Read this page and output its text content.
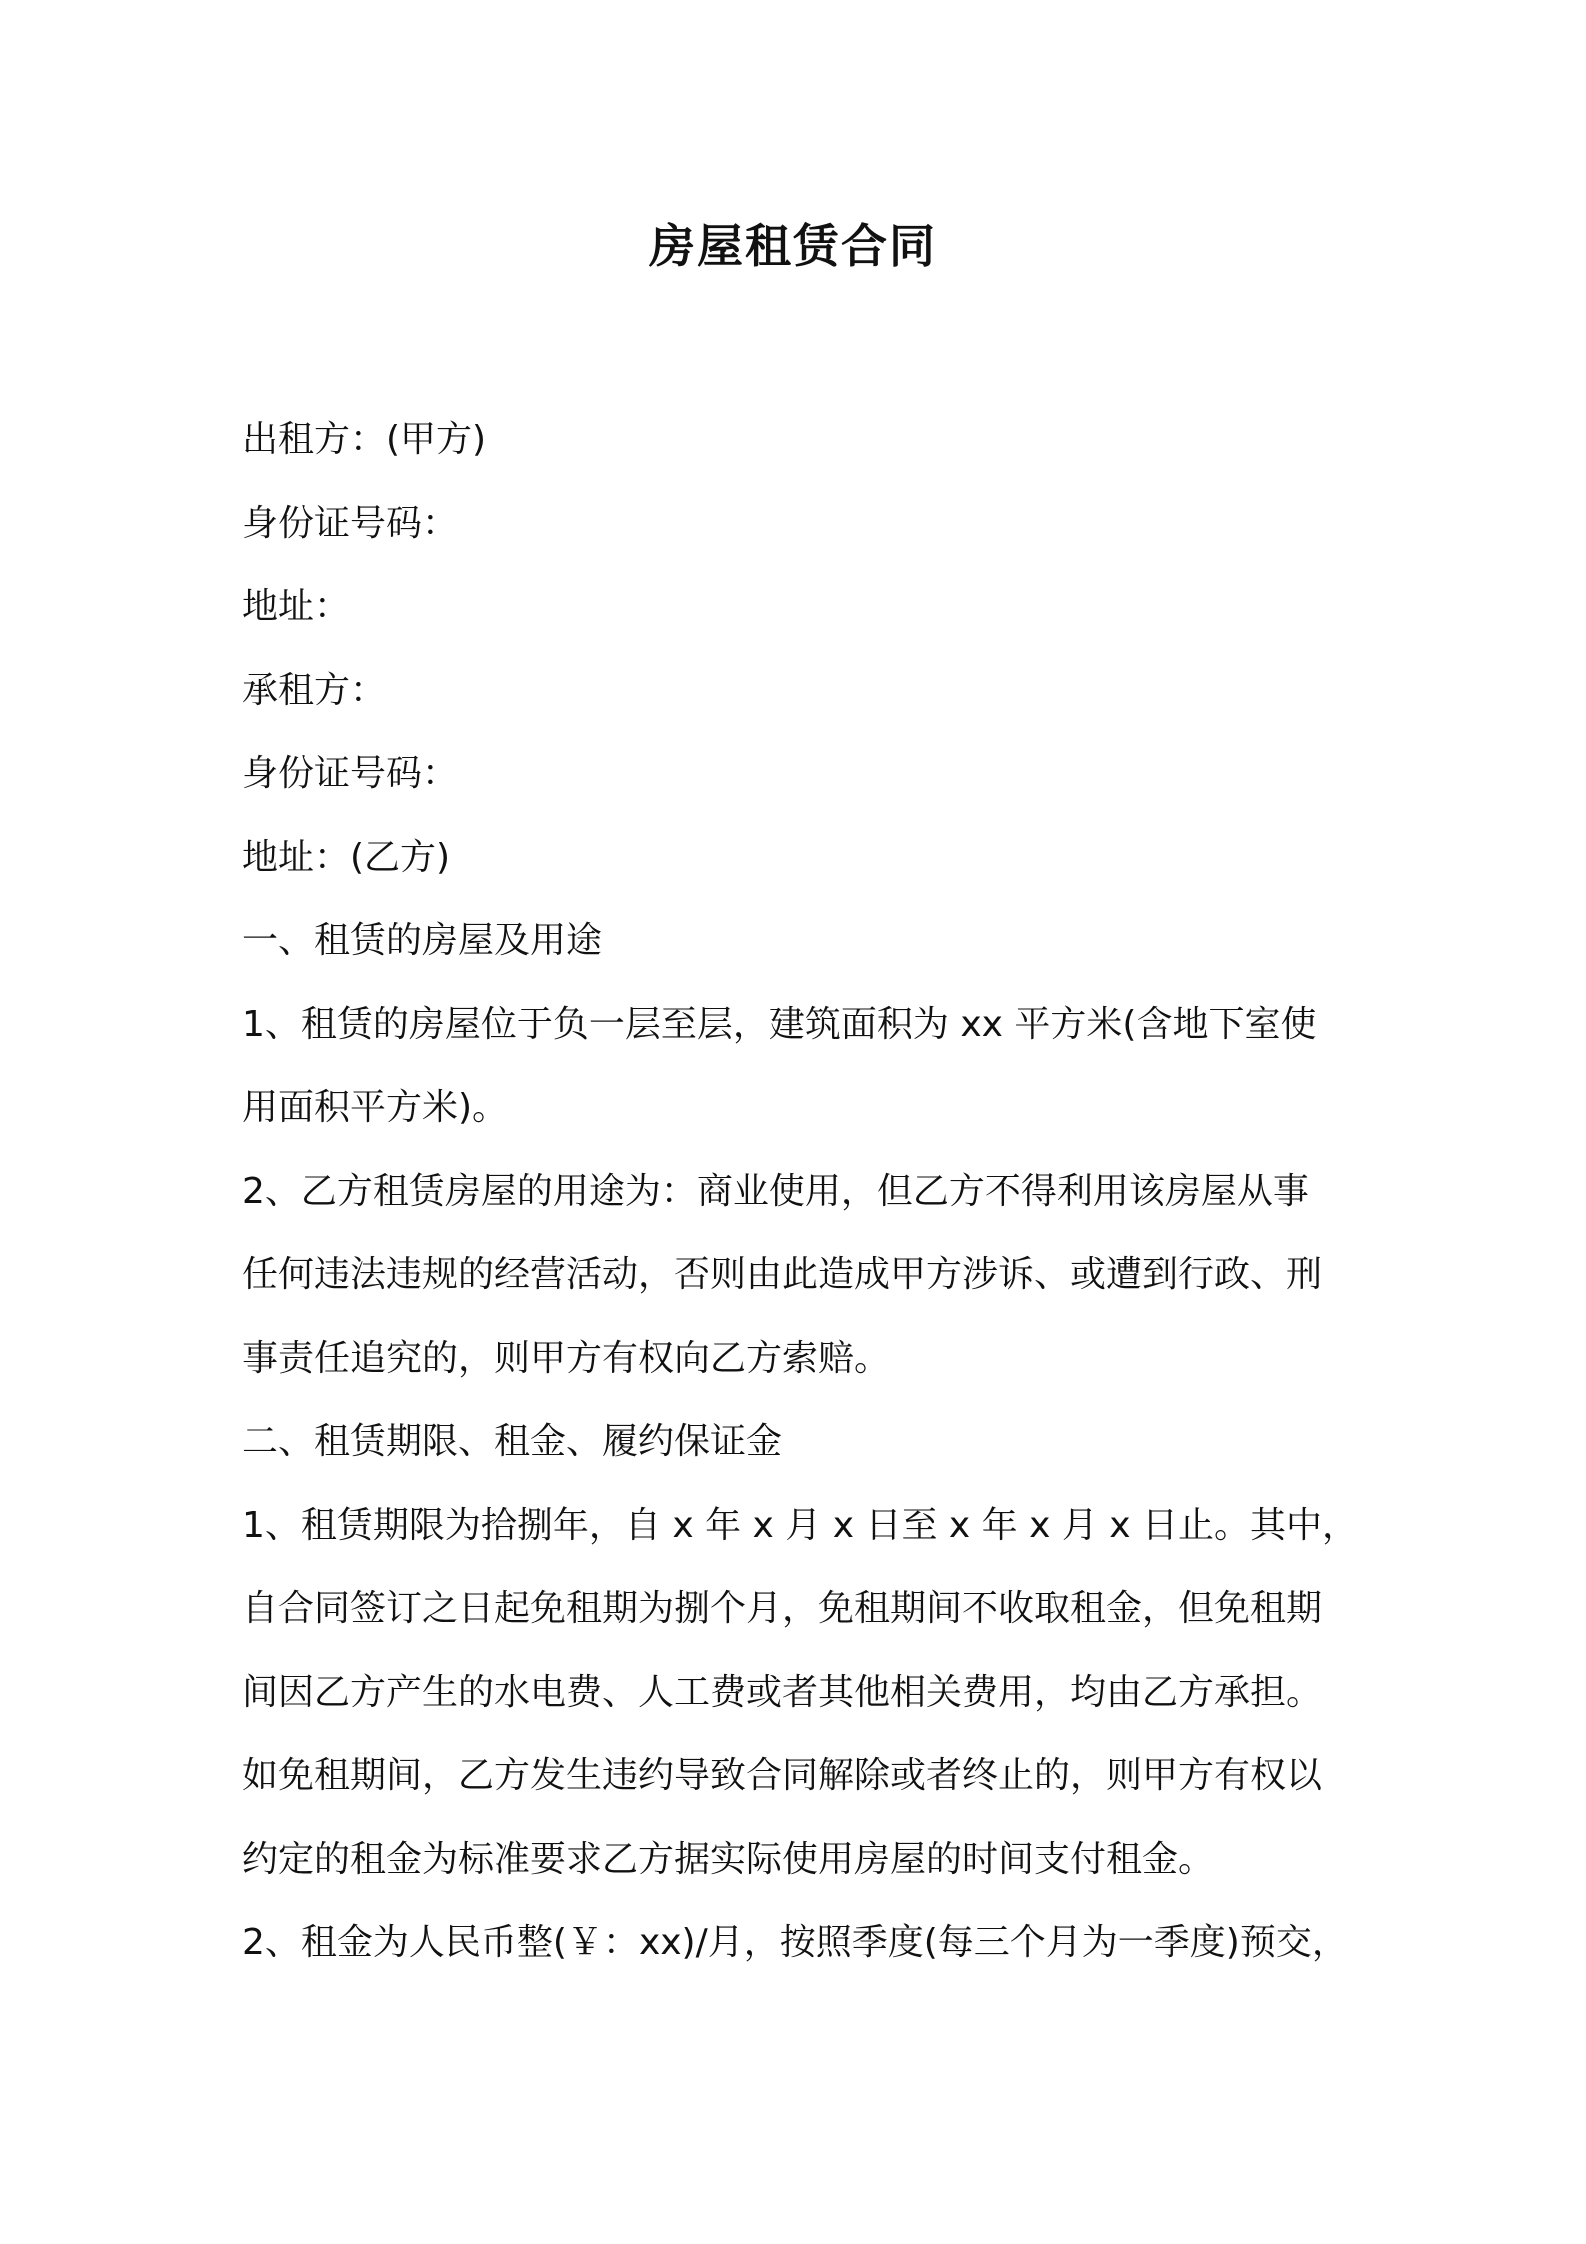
房屋租赁合同

出租方：(甲方)

身份证号码：

地址：

承租方：

身份证号码：

地址：(乙方)

一、租赁的房屋及用途

1、租赁的房屋位于负一层至层，建筑面积为 xx 平方米(含地下室使

用面积平方米)。

2、乙方租赁房屋的用途为：商业使用，但乙方不得利用该房屋从事

任何违法违规的经营活动，否则由此造成甲方涉诉、或遭到行政、刑

事责任追究的，则甲方有权向乙方索赔。

二、租赁期限、租金、履约保证金

1、租赁期限为拾捌年，自 x 年 x 月 x 日至 x 年 x 月 x 日止。其中，

自合同签订之日起免租期为捌个月，免租期间不收取租金，但免租期

间因乙方产生的水电费、人工费或者其他相关费用，均由乙方承担。

如免租期间，乙方发生违约导致合同解除或者终止的，则甲方有权以

约定的租金为标准要求乙方据实际使用房屋的时间支付租金。

2、租金为人民币整(￥：xx)/月，按照季度(每三个月为一季度)预交，
